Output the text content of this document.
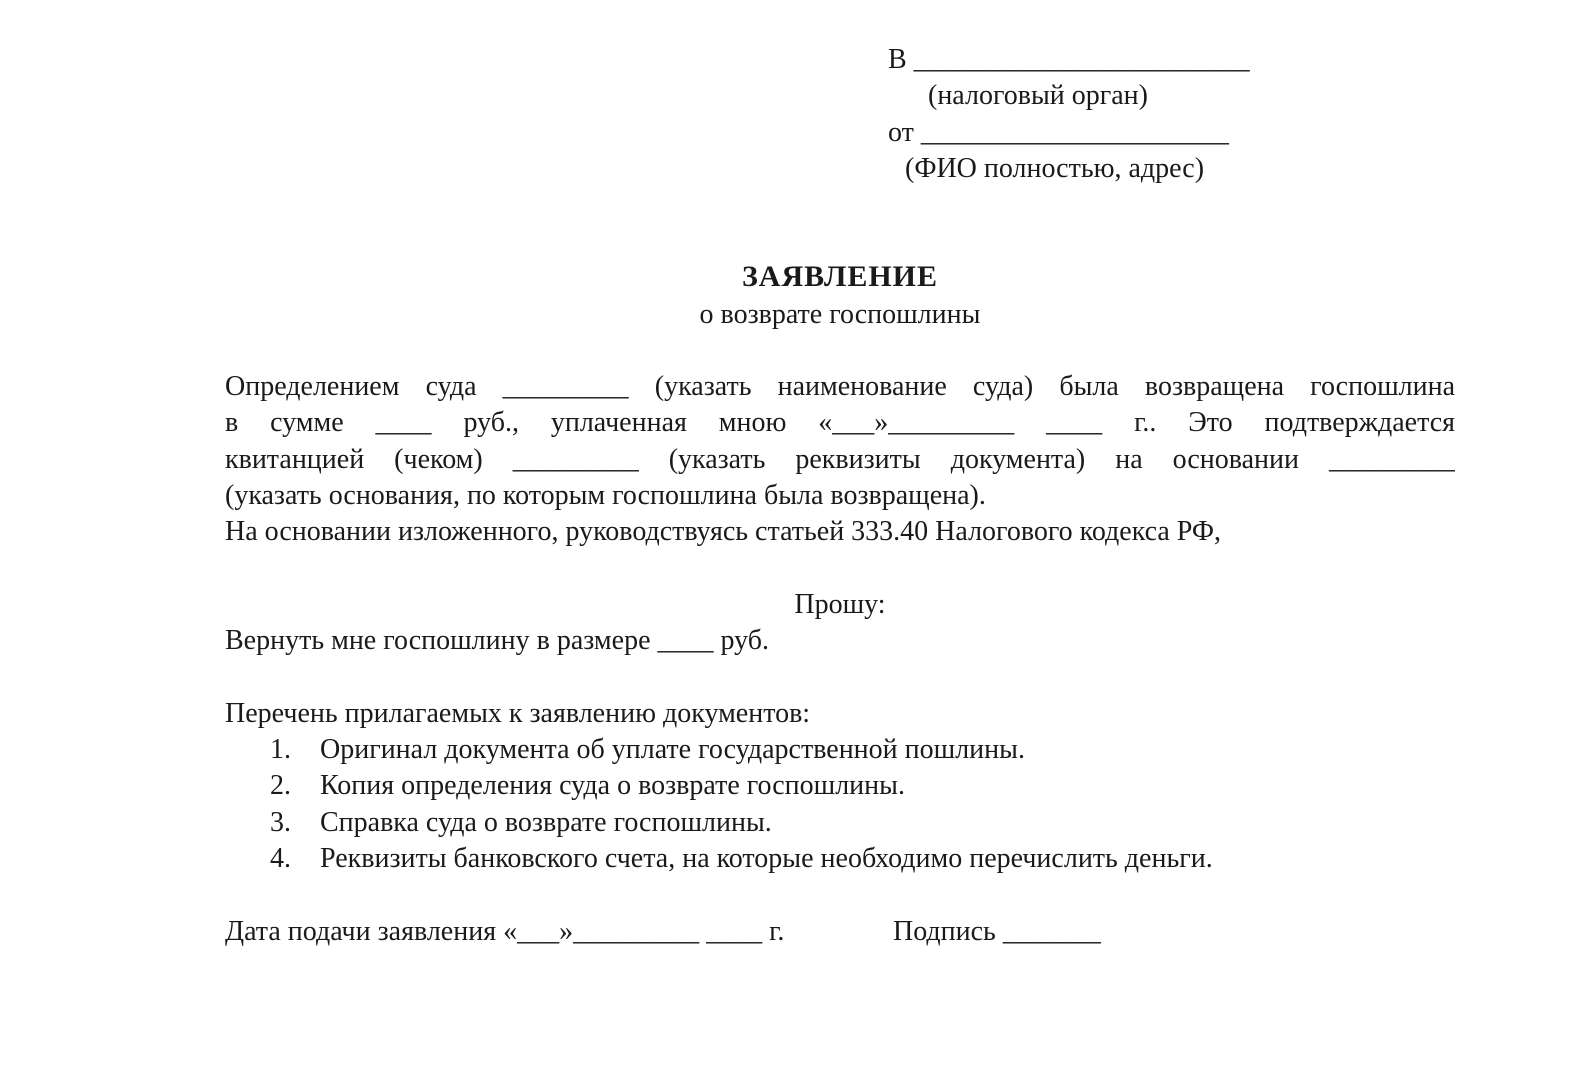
В ________________________
(налоговый орган)
от ______________________
(ФИО полностью, адрес)
ЗАЯВЛЕНИЕ
о возврате госпошлины
Определением суда _________ (указать наименование суда) была возвращена госпошлина
в сумме ____ руб., уплаченная мною «___»_________ ____ г.. Это подтверждается
квитанцией (чеком) _________ (указать реквизиты документа) на основании _________
(указать основания, по которым госпошлина была возвращена).
На основании изложенного, руководствуясь статьей 333.40 Налогового кодекса РФ,
Прошу:
Вернуть мне госпошлину в размере ____ руб.
Перечень прилагаемых к заявлению документов:
1. Оригинал документа об уплате государственной пошлины.
2. Копия определения суда о возврате госпошлины.
3. Справка суда о возврате госпошлины.
4. Реквизиты банковского счета, на которые необходимо перечислить деньги.
Дата подачи заявления «___»_________ ____ г.	Подпись _______
